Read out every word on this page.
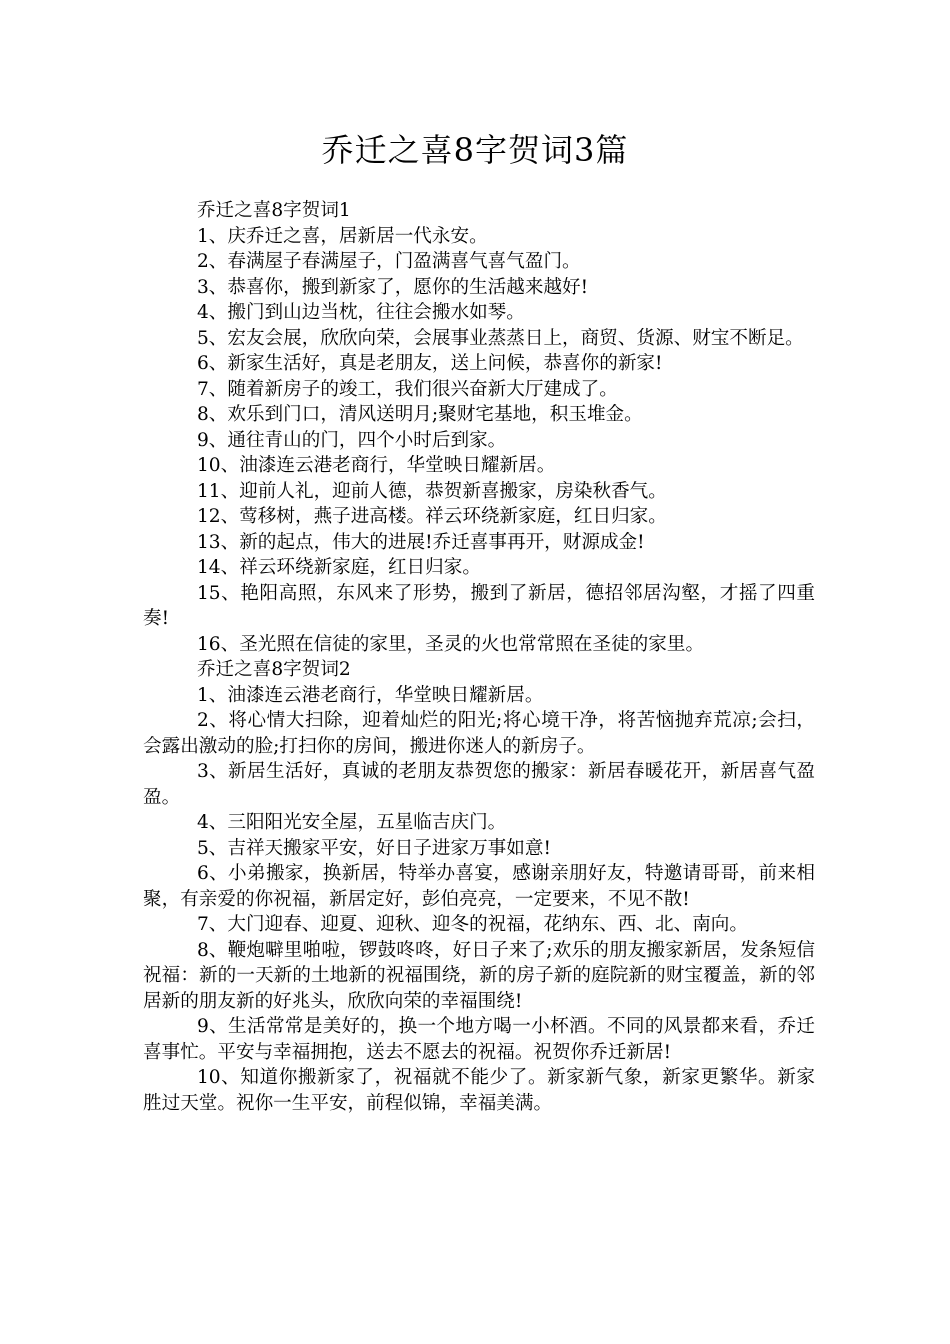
乔迁之喜8字贺词3篇

乔迁之喜8字贺词1

1、庆乔迁之喜，居新居一代永安。

2、春满屋子春满屋子，门盈满喜气喜气盈门。

3、恭喜你，搬到新家了，愿你的生活越来越好!

4、搬门到山边当枕，往往会搬水如琴。

5、宏友会展，欣欣向荣，会展事业蒸蒸日上，商贸、货源、财宝不断足。

6、新家生活好，真是老朋友，送上问候，恭喜你的新家!

7、随着新房子的竣工，我们很兴奋新大厅建成了。

8、欢乐到门口，清风送明月;聚财宅基地，积玉堆金。

9、通往青山的门，四个小时后到家。

10、油漆连云港老商行，华堂映日耀新居。

11、迎前人礼，迎前人德，恭贺新喜搬家，房染秋香气。

12、莺移树，燕子进高楼。祥云环绕新家庭，红日归家。

13、新的起点，伟大的进展!乔迁喜事再开，财源成金!

14、祥云环绕新家庭，红日归家。

15、艳阳高照，东风来了形势，搬到了新居，德招邻居沟壑，才摇了四重奏!

16、圣光照在信徒的家里，圣灵的火也常常照在圣徒的家里。

乔迁之喜8字贺词2

1、油漆连云港老商行，华堂映日耀新居。

2、将心情大扫除，迎着灿烂的阳光;将心境干净，将苦恼抛弃荒凉;会扫，会露出激动的脸;打扫你的房间，搬进你迷人的新房子。

3、新居生活好，真诚的老朋友恭贺您的搬家：新居春暖花开，新居喜气盈盈。

4、三阳阳光安全屋，五星临吉庆门。

5、吉祥天搬家平安，好日子进家万事如意!

6、小弟搬家，换新居，特举办喜宴，感谢亲朋好友，特邀请哥哥，前来相聚，有亲爱的你祝福，新居定好，彭伯亮亮，一定要来，不见不散!

7、大门迎春、迎夏、迎秋、迎冬的祝福，花纳东、西、北、南向。

8、鞭炮噼里啪啦，锣鼓咚咚，好日子来了;欢乐的朋友搬家新居，发条短信祝福：新的一天新的土地新的祝福围绕，新的房子新的庭院新的财宝覆盖，新的邻居新的朋友新的好兆头，欣欣向荣的幸福围绕!

9、生活常常是美好的，换一个地方喝一小杯酒。不同的风景都来看，乔迁喜事忙。平安与幸福拥抱，送去不愿去的祝福。祝贺你乔迁新居!

10、知道你搬新家了，祝福就不能少了。新家新气象，新家更繁华。新家胜过天堂。祝你一生平安，前程似锦，幸福美满。
